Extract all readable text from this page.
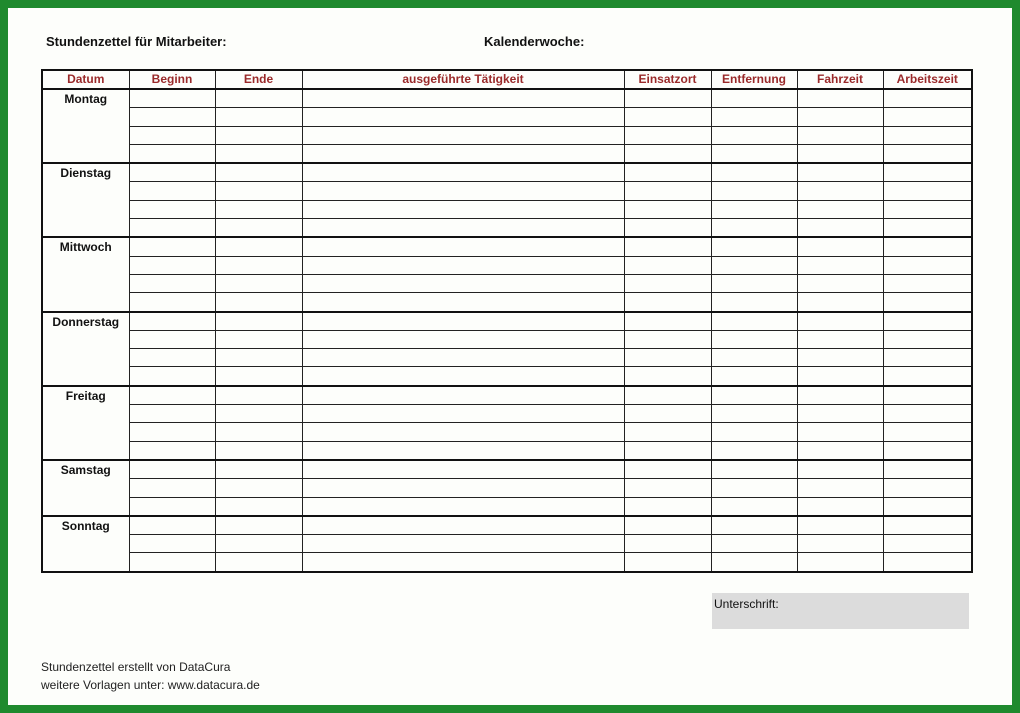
Stundenzettel für Mitarbeiter:	Kalenderwoche:
Datum	Beginn	Ende	ausgeführte Tätigkeit	Einsatzort	Entfernung	Fahrzeit	Arbeitszeit
Montag							

Dienstag							

Mittwoch							

Donnerstag							

Freitag							

Samstag							

Sonntag							

Unterschrift:
Stundenzettel erstellt von DataCura
weitere Vorlagen unter: www.datacura.de
